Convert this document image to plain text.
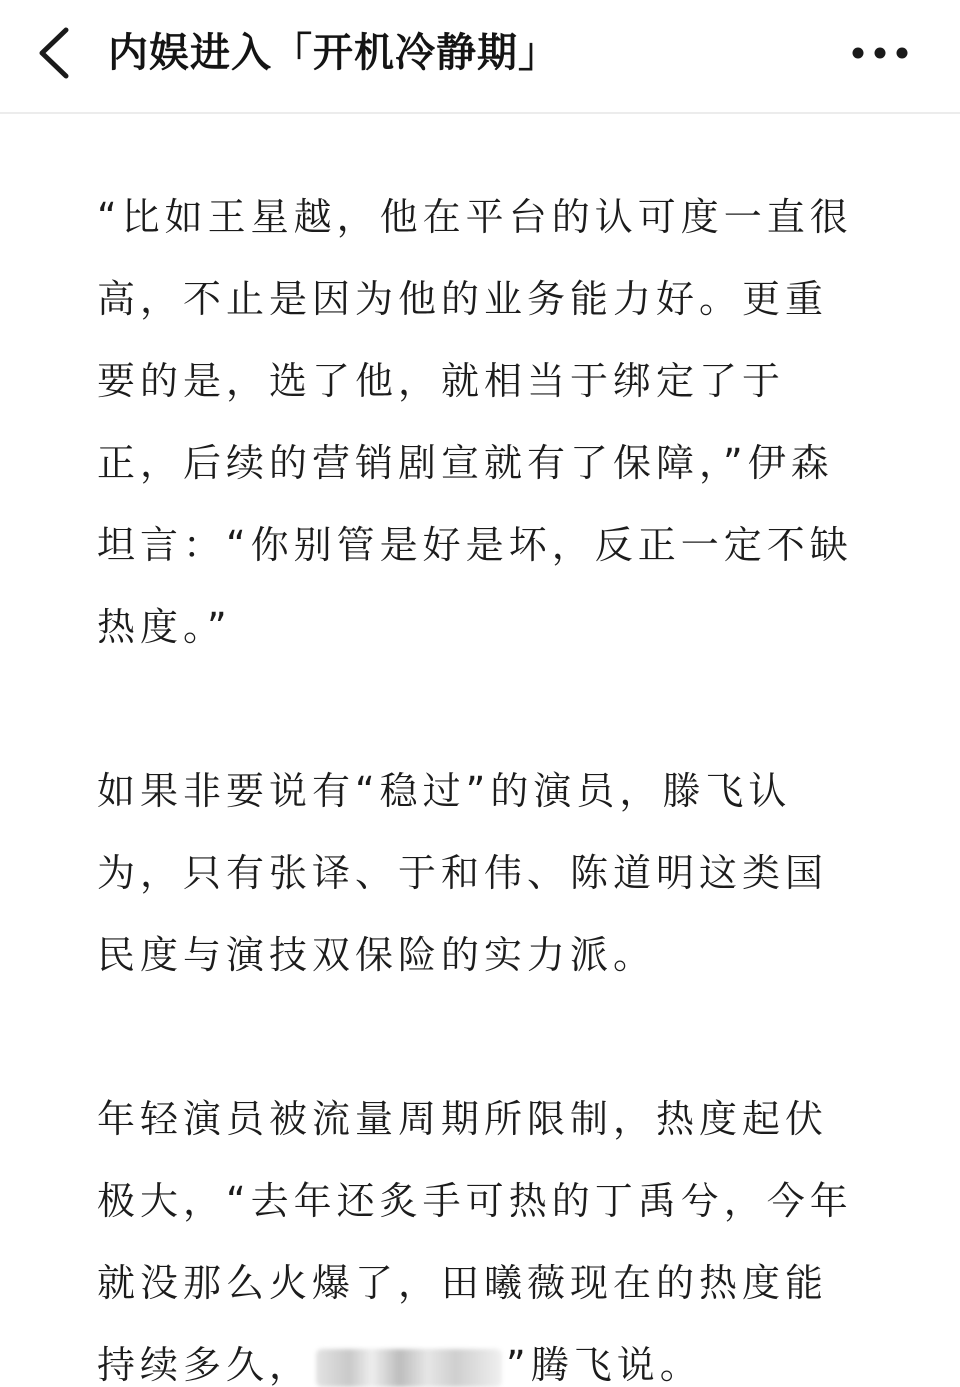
内娱进入「开机冷静期」

“比如王星越，他在平台的认可度一直很高，不止是因为他的业务能力好。更重要的是，选了他，就相当于绑定了于正，后续的营销剧宣就有了保障，”伊森坦言：“你别管是好是坏，反正一定不缺热度。”

如果非要说有“稳过”的演员，滕飞认为，只有张译、于和伟、陈道明这类国民度与演技双保险的实力派。

年轻演员被流量周期所限制，热度起伏极大，“去年还炙手可热的丁禹兮，今年就没那么火爆了，田曦薇现在的热度能持续多久，	”腾飞说。
